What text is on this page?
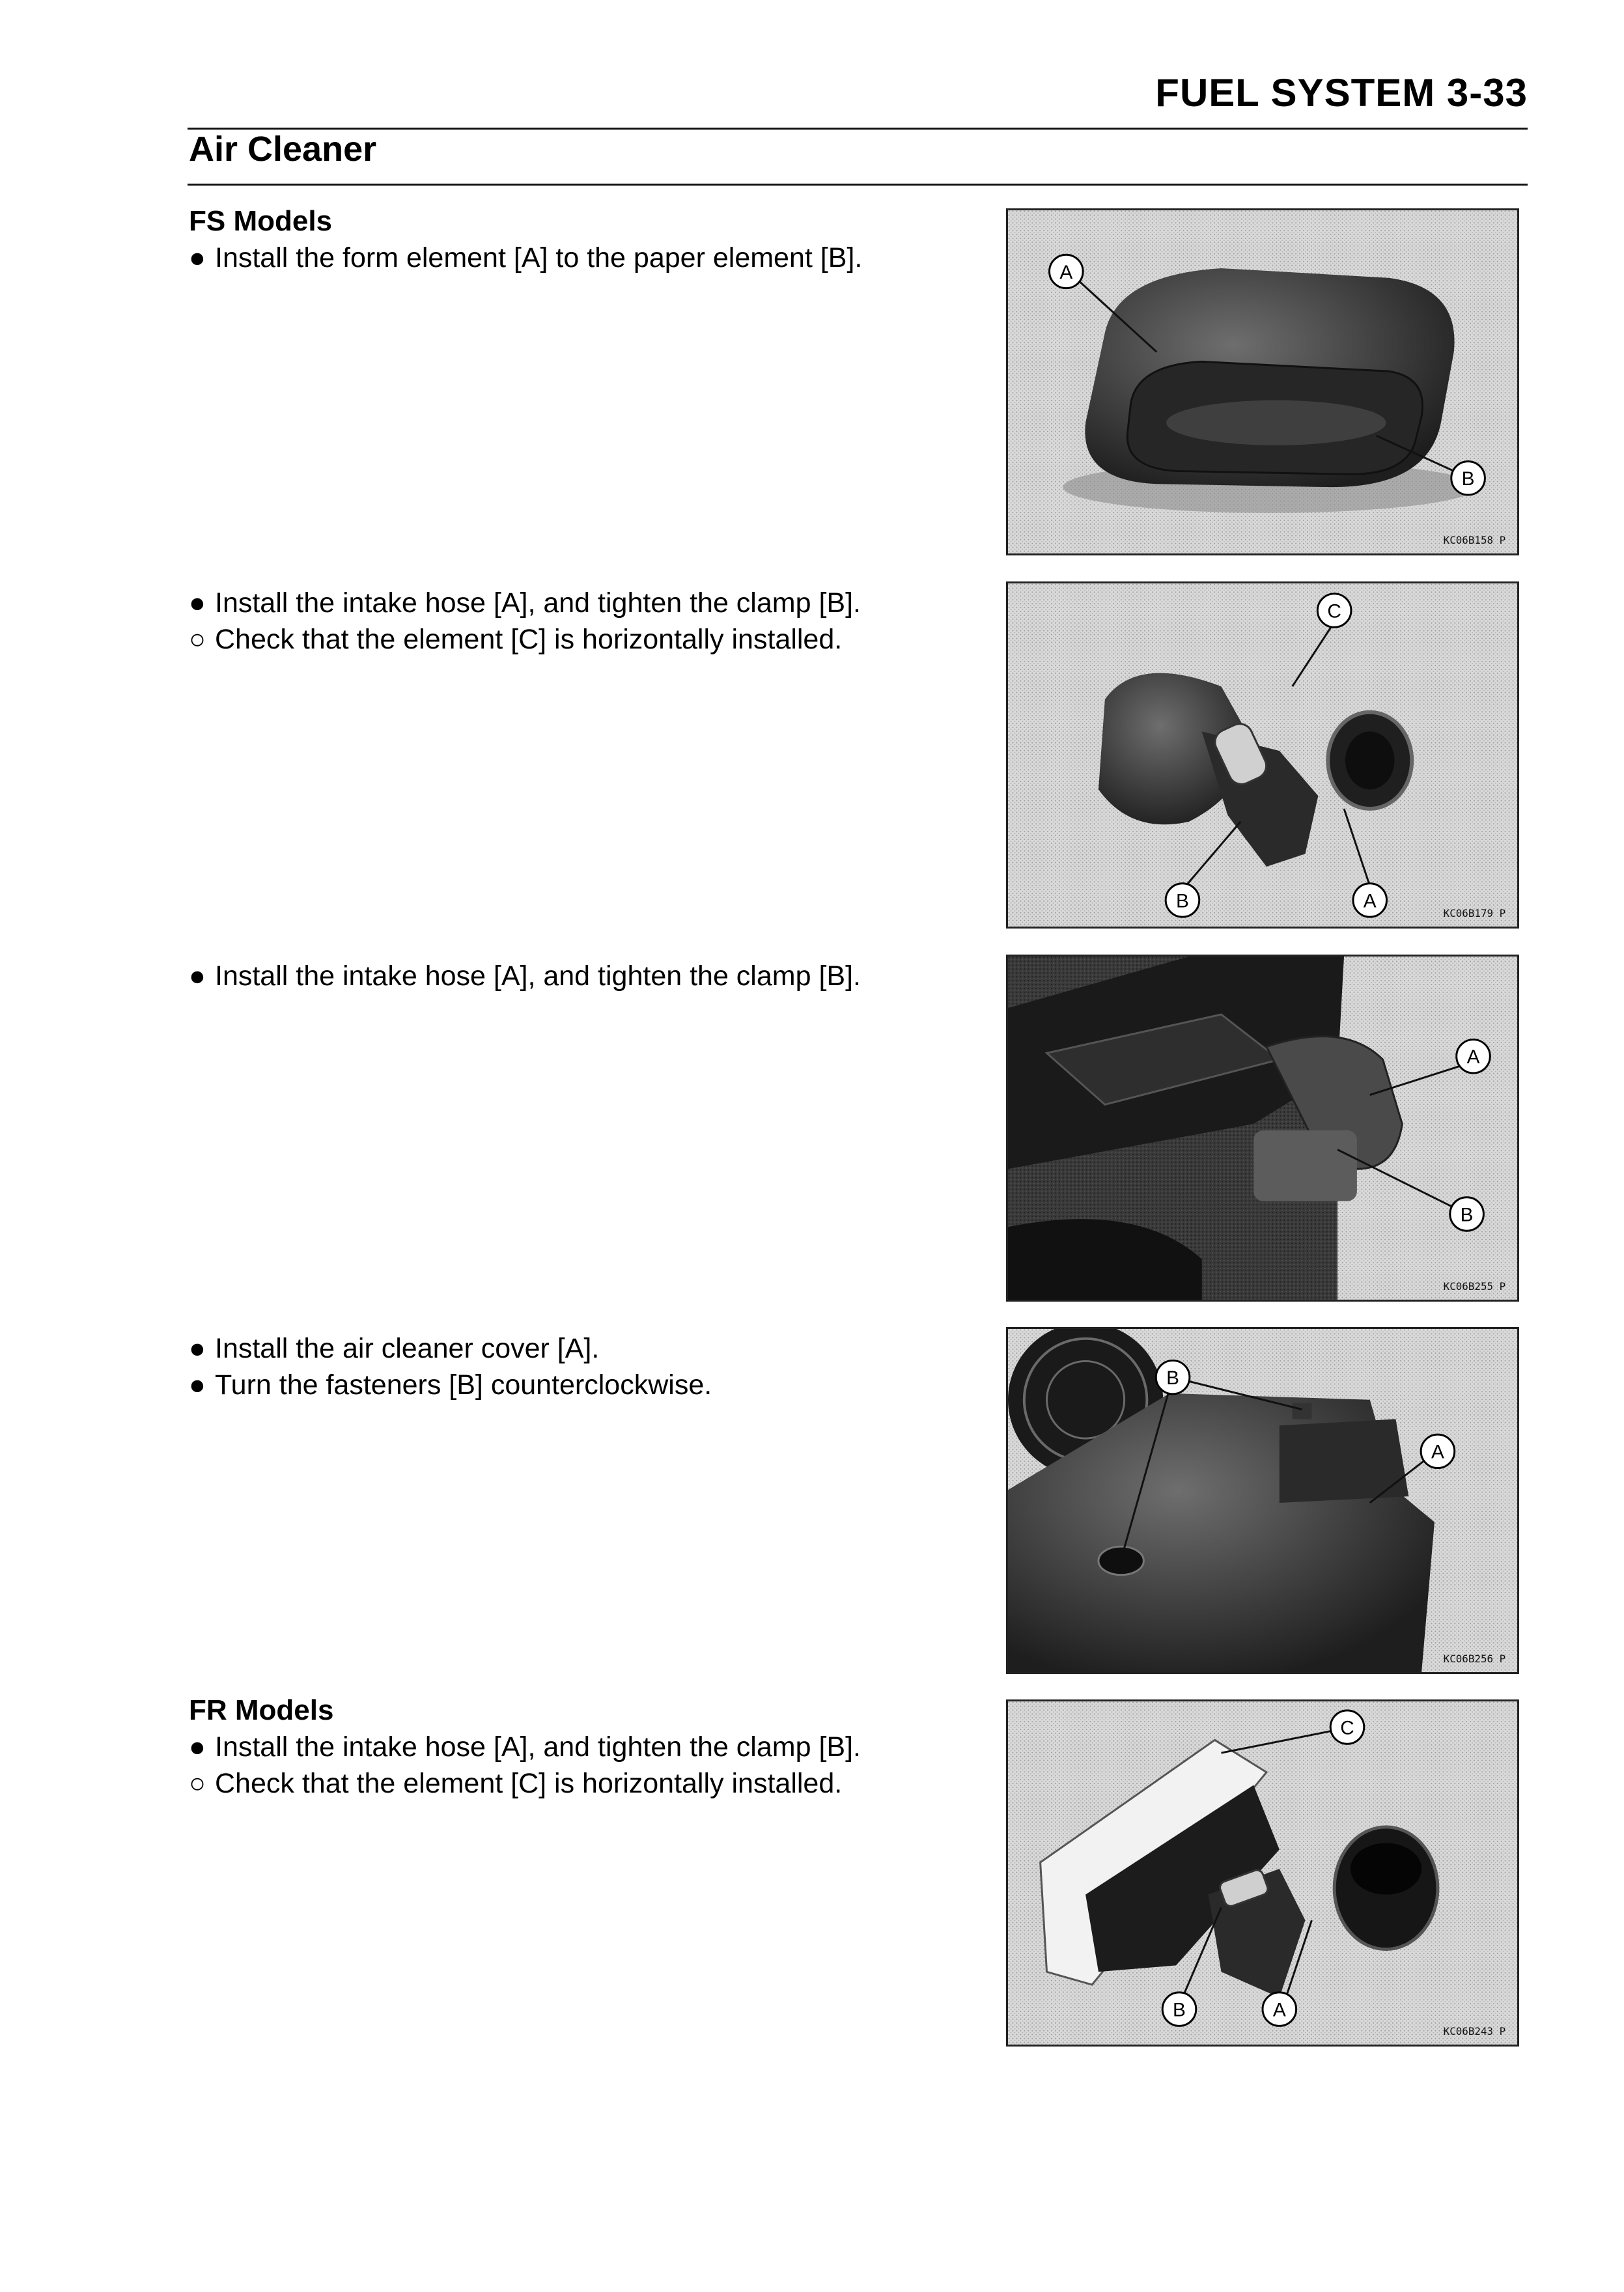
FUEL SYSTEM 3-33
Air Cleaner
FS Models
● Install the form element [A] to the paper element [B].	A
B
KC06B158 P
● Install the intake hose [A], and tighten the clamp [B].
○ Check that the element [C] is horizontally installed.
C
B	A
KC06B179 P
● Install the intake hose [A], and tighten the clamp [B].
A
B
KC06B255 P
● Install the air cleaner cover [A].
● Turn the fasteners [B] counterclockwise.	B
A
KC06B256 P
FR Models
● Install the intake hose [A], and tighten the clamp [B].
○ Check that the element [C] is horizontally installed.
C
B	A
KC06B243 P
